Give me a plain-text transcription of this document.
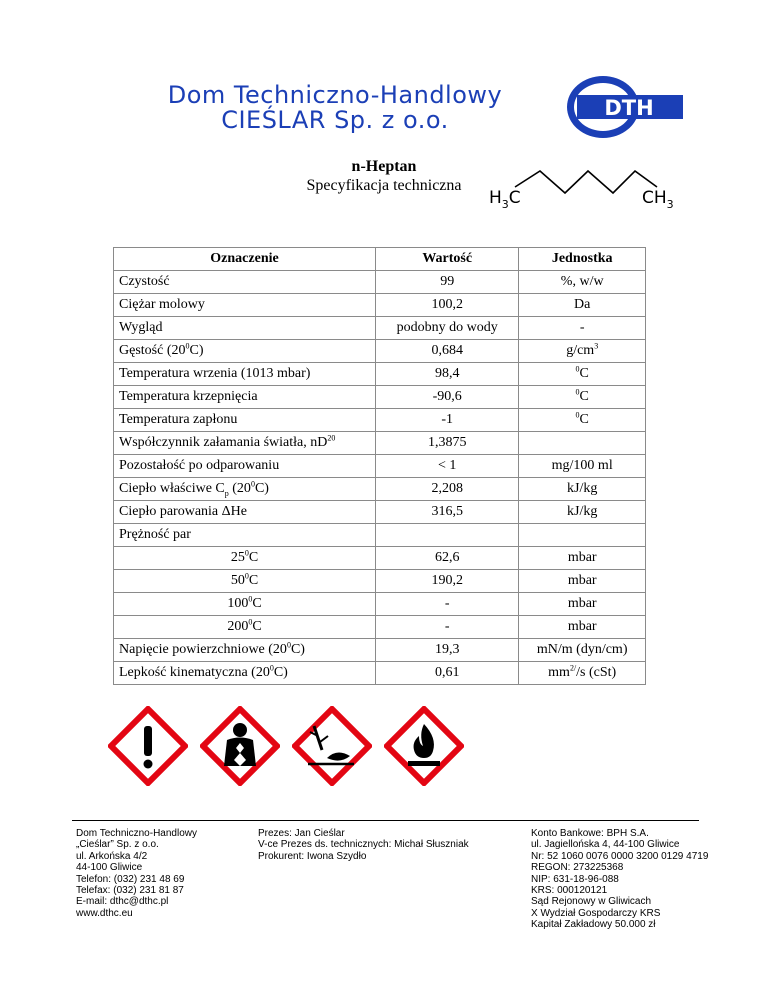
Dom Techniczno-Handlowy
CIEŚLAR Sp. z o.o.	DTH
n-Heptan
Specyfikacja techniczna
$H_3C$	$CH_3$
Oznaczenie	Wartość	Jednostka
Czystość	99	%, w/w
Ciężar molowy	100,2	Da
Wygląd	podobny do wody	-
Gęstość $(20^0C)$	0,684	$g/cm^3$
Temperatura wrzenia (1013 mbar)	98,4	$^0$C
Temperatura krzepnięcia	-90,6	$^0$C
Temperatura zapłonu	-1	$^0$C
Współczynnik załamania światła, $nD^{20}$	1,3875	
Pozostałość po odparowaniu	< 1	mg/100 ml
Ciepło właściwe $C_p$ $(20^0C)$	2,208	kJ/kg
Ciepło parowania ΔHe	316,5	kJ/kg
Prężność par		
$25^0C$	62,6	mbar
$50^0C$	190,2	mbar
$100^0C$	-	mbar
$200^0C$	-	mbar
Napięcie powierzchniowe $(20^0C)$	19,3	mN/m (dyn/cm)
Lepkość kinematyczna $(20^0C)$	0,61	$mm^{2/}/s$ (cSt)
Dom Techniczno-Handlowy
„Cieślar” Sp. z o.o.
ul. Arkońska 4/2
44-100 Gliwice
Telefon: (032) 231 48 69
Telefax: (032) 231 81 87
E-mail: dthc@dthc.pl
www.dthc.eu
Prezes: Jan Cieślar
V-ce Prezes ds. technicznych: Michał Słuszniak
Prokurent: Iwona Szydło
Konto Bankowe: BPH S.A.
ul. Jagiellońska 4, 44-100 Gliwice
Nr: 52 1060 0076 0000 3200 0129 4719
REGON: 273225368
NIP: 631-18-96-088
KRS: 000120121
Sąd Rejonowy w Gliwicach
X Wydział Gospodarczy KRS
Kapitał Zakładowy 50.000 zł
